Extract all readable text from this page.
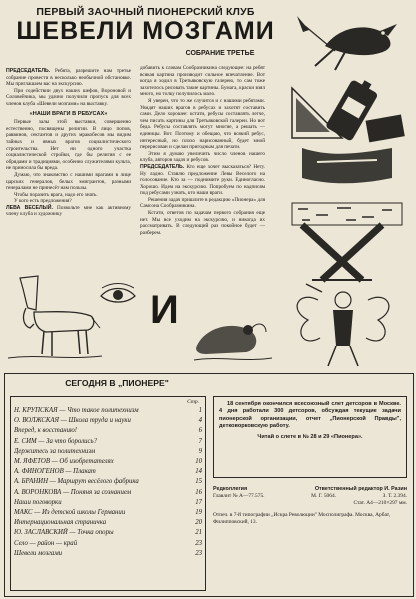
ПЕРВЫЙ ЗАОЧНЫЙ ПИОНЕРСКИЙ КЛУБ
ШЕВЕЛИ МОЗГАМИ
СОБРАНИЕ ТРЕТЬЕ

ПРЕДСЕДАТЕЛЬ. Ребята, разрешите нам третье собрание провести в несколько необычной обстановке. Мы приглашаем вас на экскурсию.

При содействии двух наших шефов, Вороновой и Соловейчика, мы удачно получили пропуск для всех членов клуба «Шевели мозгами» на выставку.

«НАШИ ВРАГИ В РЕБУСАХ»

Первые залы этой выставки, совершенно естественно, посвящены религии. В лицо попов, раввинов, сектантов и других мракобесов мы видим тайных и явных врагов социалистического строительства. Нет ни одного участка социалистической стройки, где бы религия с ее обрядами и традициями, особенно служителями культа, не приносила бы вреда.

Думаю, что знакомство с нашими врагами в лице царских генералов, белых эмигрантов, разными генералами не принесёт нам пользы.

Чтобы поразить врага, надо его знать.

У кого есть предложения?

ЛЕВА ВЕСЕЛЫЙ. Позвольте мне как активному члену клуба и художнику

добавить к словам Сообразникина следующее: на ребят всякая картина производит сильное впечатление. Вот когда я ходил в Третьяковскую галерею, то сам тоже захотелось рисовать такие картины. Бумага, краски взял много, но толку получилось мало.

Я уверен, что то же случится и с нашими ребятами. Увидят наших врагов в ребусах и захотят составить сами. Дело хорошее: кстати, ребусы составлять легче, чем писать картины для Третьяковской галереи. Но вот беда. Ребусы составлять могут многие, а решать — единицы. Вот. Поэтому и обещаю, что всякий ребус, интересный, но плохо нарисованный, будет мной перерисован и сделан пригодным для печати.

Этим я думаю увеличить число членов нашего клуба, авторов задач и ребусов.

ПРЕДСЕДАТЕЛЬ. Кто еще хочет высказаться? Нету. Ну ладно. Ставлю предложение Левы Веселого на голосование. Кто за — поднимите руки. Единогласно. Хорошо. Идем на экскурсию. Попробуем по надписям под ребусами узнать, кто наши враги.

Решения задач пришлите в редакцию «Пионера» для Самсона Сообразникина.

Кстати, ответов по задачам первого собрания еще нет. Мы все уходим на экскурсию, и никогда их рассматривать. В следующий раз покойное будет — разберем.

И
СЕГОДНЯ В „ПИОНЕРЕ"
Стр.
Н. КРУПСКАЯ — Что такое политехнизм	1
О. ВОЛЖСКАЯ — Школа труда и науки	4
Вперед, к восстанию!	6
Е. СИМ — За что боролись?	7
Держитесь за политехнизм	9
М. ЯФЕТОВ — Об изобретателях	10
А. ФИНОГЕНОВ — Плакат	14
А. БРАНИН — Маршрут весёлого фабрика	15
А. ВОРОНКОВА — Поняня за сознанием	16
Наши поговорки	17
МАКС — Из детской школы Германии	19
Интернациональная страничка	20
Ю. ЗАСЛАВСКИЙ — Точка опоры	21
Село — район — край	23
Шевели мозгами	23

18 сентября окончился всесоюзный слет детсоров в Москве. 4 дня работали 300 детсоров, обсуждая текущие задачи пионерской организации, отчет „Пионерской Правды", детковорковскую работу.

Читай о слете в № 28 и 29 «Пионера».

Редколлегия	Ответственный редактор И. Разин
Главлит № А—77.575.	М. Г. 5064.	З. Т. 2.394.
Стат. А4—210×297 мм.
Отпеч. в 7-й типографии „Искра Революции" Мосполиграфа. Москва, Арбат, Филипповский, 13.
